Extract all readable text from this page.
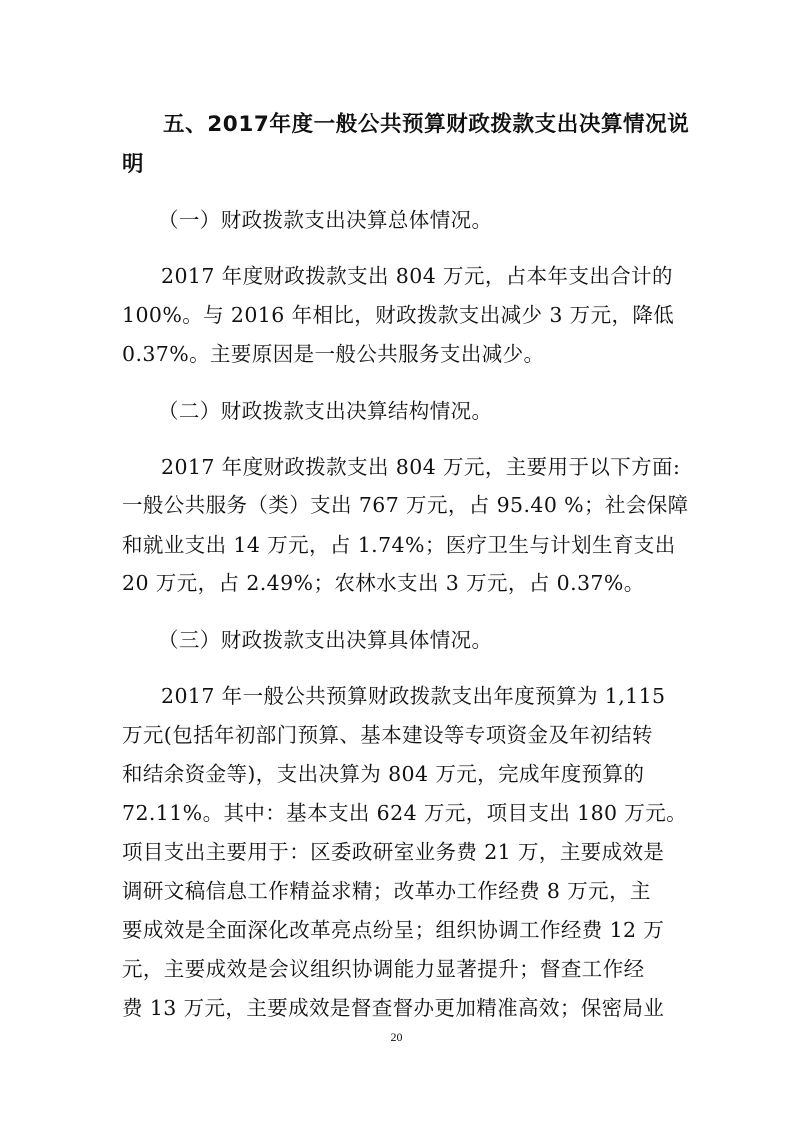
五、2017年度一般公共预算财政拨款支出决算情况说
明
（一）财政拨款支出决算总体情况。
2017 年度财政拨款支出 804 万元，占本年支出合计的
100%。与 2016 年相比，财政拨款支出减少 3 万元，降低
0.37%。主要原因是一般公共服务支出减少。
（二）财政拨款支出决算结构情况。
2017 年度财政拨款支出 804 万元，主要用于以下方面:
一般公共服务（类）支出 767 万元，占 95.40 %；社会保障
和就业支出 14 万元，占 1.74%；医疗卫生与计划生育支出
20 万元，占 2.49%；农林水支出 3 万元，占 0.37%。
（三）财政拨款支出决算具体情况。
2017 年一般公共预算财政拨款支出年度预算为 1,115
万元(包括年初部门预算、基本建设等专项资金及年初结转
和结余资金等)，支出决算为 804 万元，完成年度预算的
72.11%。其中：基本支出 624 万元，项目支出 180 万元。
项目支出主要用于：区委政研室业务费 21 万，主要成效是
调研文稿信息工作精益求精；改革办工作经费 8 万元，主
要成效是全面深化改革亮点纷呈；组织协调工作经费 12 万
元，主要成效是会议组织协调能力显著提升；督查工作经
费 13 万元，主要成效是督查督办更加精准高效；保密局业
20
